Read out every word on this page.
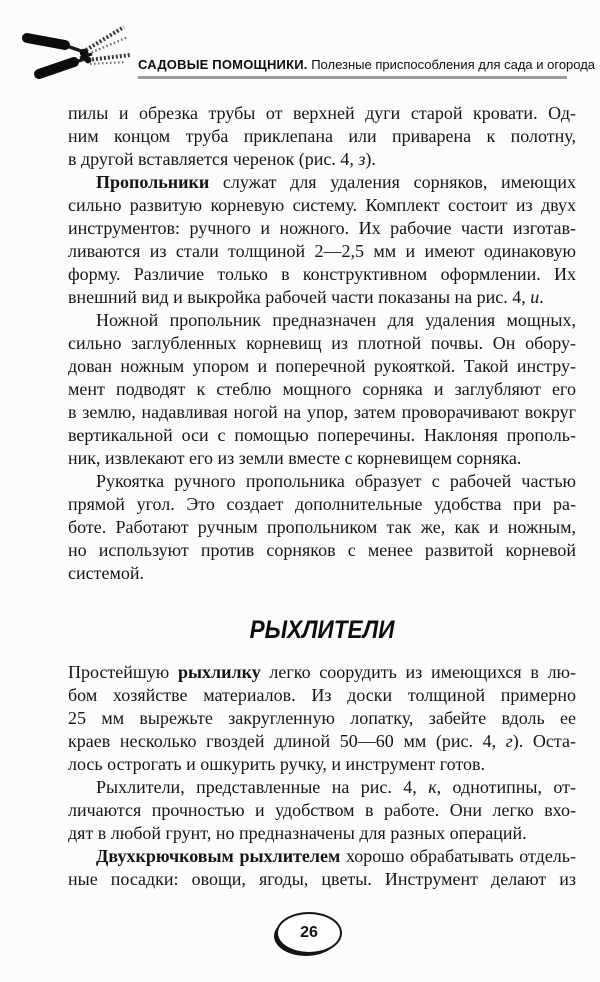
САДОВЫЕ ПОМОЩНИКИ. Полезные приспособления для сада и огорода
пилы и обрезка трубы от верхней дуги старой кровати. Од-
ним концом труба приклепана или приварена к полотну,
в другой вставляется черенок (рис. 4, з).
Пропольники служат для удаления сорняков, имеющих
сильно развитую корневую систему. Комплект состоит из двух
инструментов: ручного и ножного. Их рабочие части изготав-
ливаются из стали толщиной 2—2,5 мм и имеют одинаковую
форму. Различие только в конструктивном оформлении. Их
внешний вид и выкройка рабочей части показаны на рис. 4, и.
Ножной пропольник предназначен для удаления мощных,
сильно заглубленных корневищ из плотной почвы. Он обору-
дован ножным упором и поперечной рукояткой. Такой инстру-
мент подводят к стеблю мощного сорняка и заглубляют его
в землю, надавливая ногой на упор, затем проворачивают вокруг
вертикальной оси с помощью поперечины. Наклоняя прополь-
ник, извлекают его из земли вместе с корневищем сорняка.
Рукоятка ручного пропольника образует с рабочей частью
прямой угол. Это создает дополнительные удобства при ра-
боте. Работают ручным пропольником так же, как и ножным,
но используют против сорняков с менее развитой корневой
системой.
РЫХЛИТЕЛИ
Простейшую рыхлилку легко соорудить из имеющихся в лю-
бом хозяйстве материалов. Из доски толщиной примерно
25 мм вырежьте закругленную лопатку, забейте вдоль ее
краев несколько гвоздей длиной 50—60 мм (рис. 4, г). Оста-
лось острогать и ошкурить ручку, и инструмент готов.
Рыхлители, представленные на рис. 4, к, однотипны, от-
личаются прочностью и удобством в работе. Они легко вхо-
дят в любой грунт, но предназначены для разных операций.
Двухкрючковым рыхлителем хорошо обрабатывать отдель-
ные посадки: овощи, ягоды, цветы. Инструмент делают из
26
